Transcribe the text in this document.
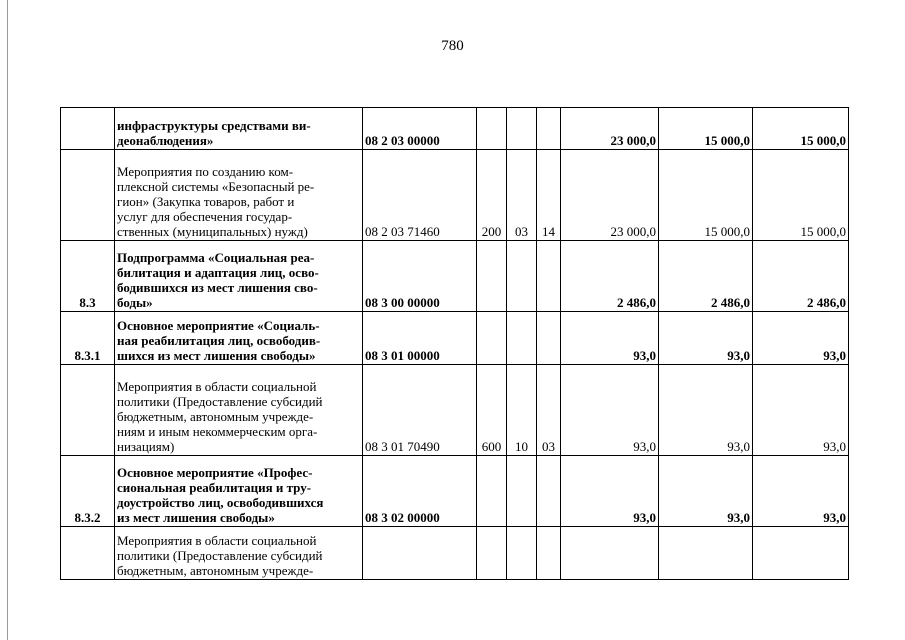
780
	инфраструктуры средствами ви-
деонаблюдения»	08 2 03 00000				23 000,0	15 000,0	15 000,0
	Мероприятия по созданию ком-
плексной системы «Безопасный ре-
гион» (Закупка товаров, работ и
услуг для обеспечения государ-
ственных (муниципальных) нужд)	08 2 03 71460	200	03	14	23 000,0	15 000,0	15 000,0
8.3	Подпрограмма «Социальная реа-
билитация и адаптация лиц, осво-
бодившихся из мест лишения сво-
боды»	08 3 00 00000				2 486,0	2 486,0	2 486,0
8.3.1	Основное мероприятие «Социаль-
ная реабилитация лиц, освободив-
шихся из мест лишения свободы»	08 3 01 00000				93,0	93,0	93,0
	Мероприятия в области социальной
политики (Предоставление субсидий
бюджетным, автономным учрежде-
ниям и иным некоммерческим орга-
низациям)	08 3 01 70490	600	10	03	93,0	93,0	93,0
8.3.2	Основное мероприятие «Профес-
сиональная реабилитация и тру-
доустройство лиц, освободившихся
из мест лишения свободы»	08 3 02 00000				93,0	93,0	93,0
	Мероприятия в области социальной
политики (Предоставление субсидий
бюджетным, автономным учрежде-							
